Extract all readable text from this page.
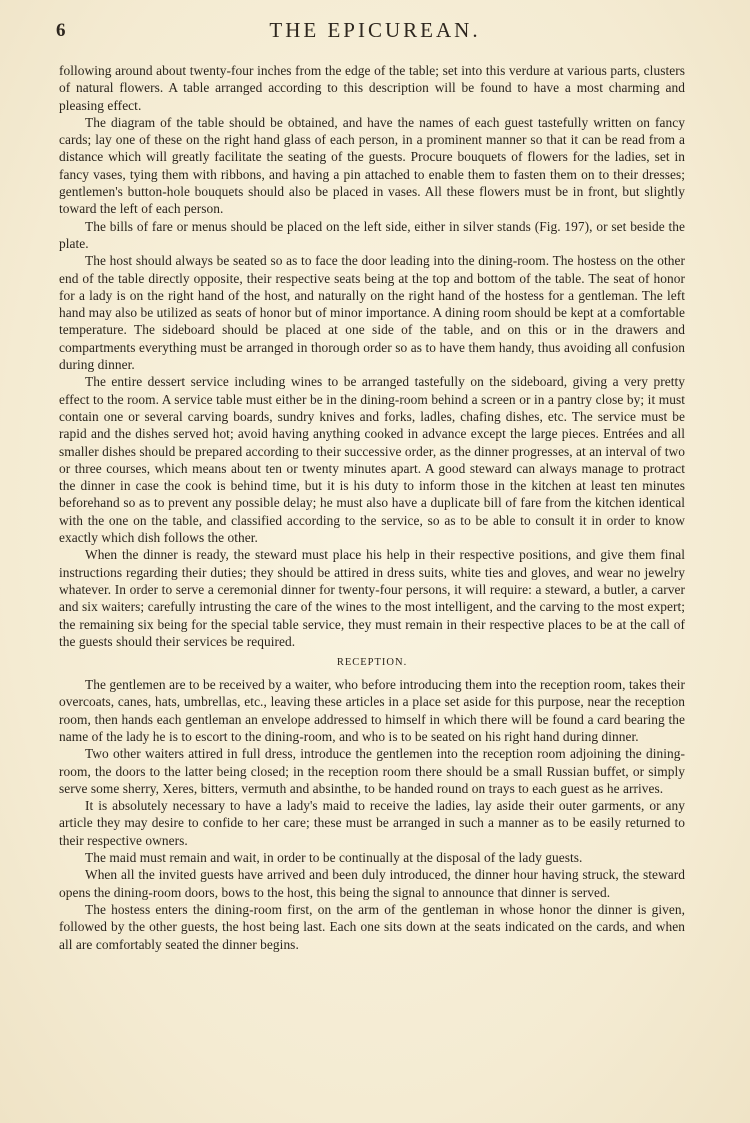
6	THE EPICUREAN.

following around about twenty-four inches from the edge of the table; set into this verdure at various parts, clusters of natural flowers. A table arranged according to this description will be found to have a most charming and pleasing effect.

The diagram of the table should be obtained, and have the names of each guest tastefully written on fancy cards; lay one of these on the right hand glass of each person, in a prominent manner so that it can be read from a distance which will greatly facilitate the seating of the guests. Procure bouquets of flowers for the ladies, set in fancy vases, tying them with ribbons, and having a pin attached to enable them to fasten them on to their dresses; gentlemen's button-hole bouquets should also be placed in vases. All these flowers must be in front, but slightly toward the left of each person.

The bills of fare or menus should be placed on the left side, either in silver stands (Fig. 197), or set beside the plate.

The host should always be seated so as to face the door leading into the dining-room. The hostess on the other end of the table directly opposite, their respective seats being at the top and bottom of the table. The seat of honor for a lady is on the right hand of the host, and naturally on the right hand of the hostess for a gentleman. The left hand may also be utilized as seats of honor but of minor importance. A dining room should be kept at a comfortable temperature. The sideboard should be placed at one side of the table, and on this or in the drawers and compartments everything must be arranged in thorough order so as to have them handy, thus avoiding all confusion during dinner.

The entire dessert service including wines to be arranged tastefully on the sideboard, giving a very pretty effect to the room. A service table must either be in the dining-room behind a screen or in a pantry close by; it must contain one or several carving boards, sundry knives and forks, ladles, chafing dishes, etc. The service must be rapid and the dishes served hot; avoid having anything cooked in advance except the large pieces. Entrées and all smaller dishes should be prepared according to their successive order, as the dinner progresses, at an interval of two or three courses, which means about ten or twenty minutes apart. A good steward can always manage to protract the dinner in case the cook is behind time, but it is his duty to inform those in the kitchen at least ten minutes beforehand so as to prevent any possible delay; he must also have a duplicate bill of fare from the kitchen identical with the one on the table, and classified according to the service, so as to be able to consult it in order to know exactly which dish follows the other.

When the dinner is ready, the steward must place his help in their respective positions, and give them final instructions regarding their duties; they should be attired in dress suits, white ties and gloves, and wear no jewelry whatever. In order to serve a ceremonial dinner for twenty-four persons, it will require: a steward, a butler, a carver and six waiters; carefully intrusting the care of the wines to the most intelligent, and the carving to the most expert; the remaining six being for the special table service, they must remain in their respective places to be at the call of the guests should their services be required.

RECEPTION.

The gentlemen are to be received by a waiter, who before introducing them into the reception room, takes their overcoats, canes, hats, umbrellas, etc., leaving these articles in a place set aside for this purpose, near the reception room, then hands each gentleman an envelope addressed to himself in which there will be found a card bearing the name of the lady he is to escort to the dining-room, and who is to be seated on his right hand during dinner.

Two other waiters attired in full dress, introduce the gentlemen into the reception room adjoining the dining-room, the doors to the latter being closed; in the reception room there should be a small Russian buffet, or simply serve some sherry, Xeres, bitters, vermuth and absinthe, to be handed round on trays to each guest as he arrives.

It is absolutely necessary to have a lady's maid to receive the ladies, lay aside their outer garments, or any article they may desire to confide to her care; these must be arranged in such a manner as to be easily returned to their respective owners.

The maid must remain and wait, in order to be continually at the disposal of the lady guests.

When all the invited guests have arrived and been duly introduced, the dinner hour having struck, the steward opens the dining-room doors, bows to the host, this being the signal to announce that dinner is served.

The hostess enters the dining-room first, on the arm of the gentleman in whose honor the dinner is given, followed by the other guests, the host being last. Each one sits down at the seats indicated on the cards, and when all are comfortably seated the dinner begins.
